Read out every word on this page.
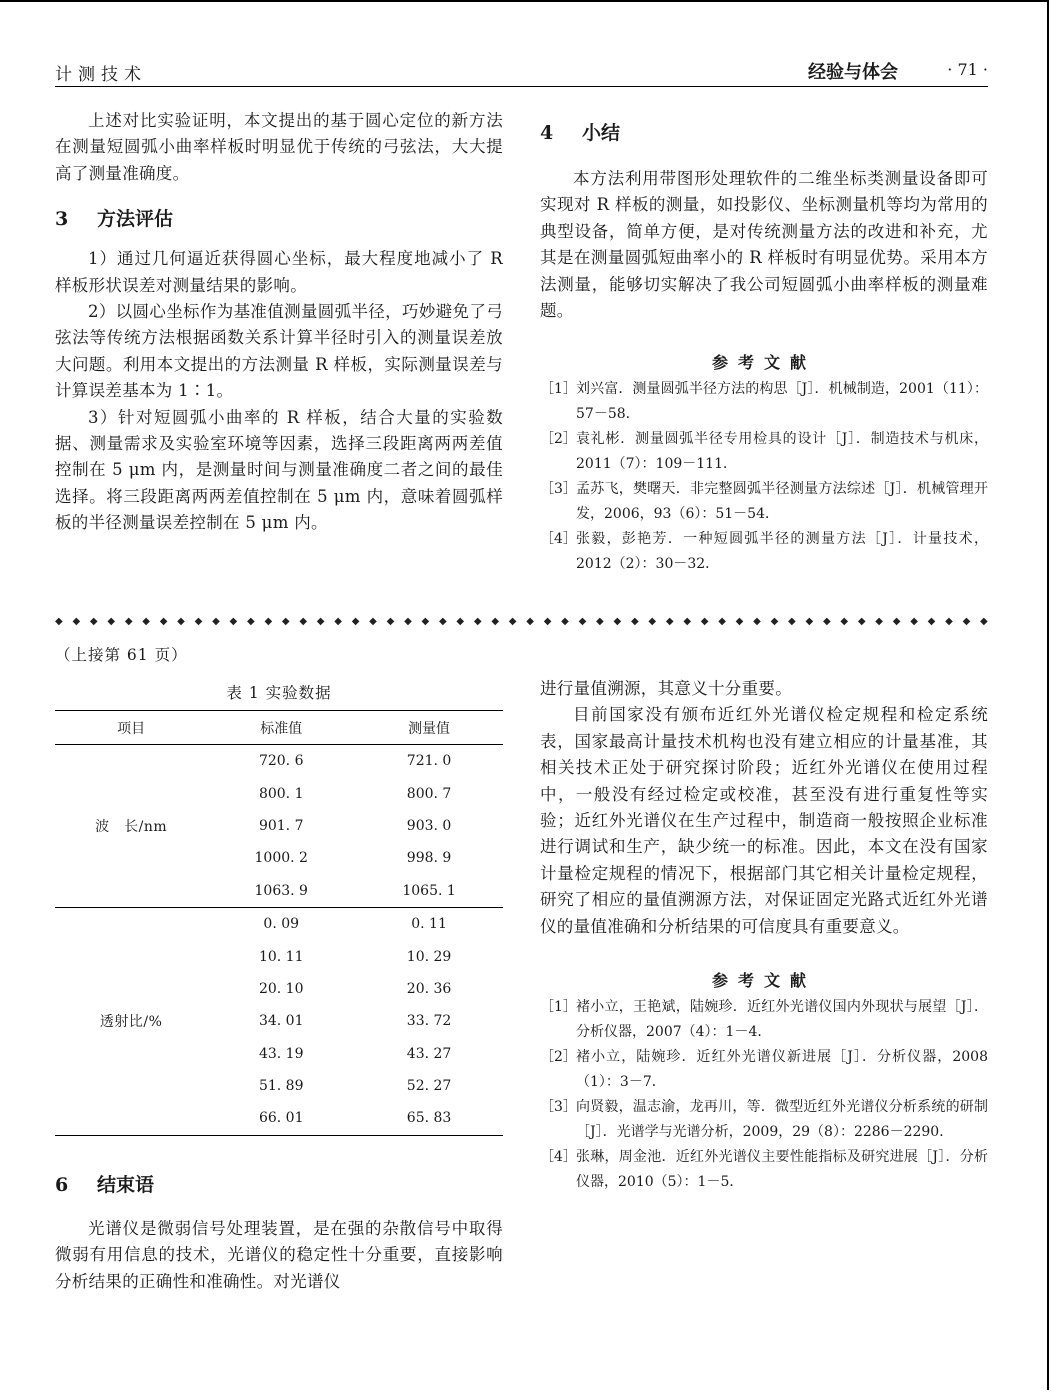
计测技术	经验与体会	· 71 ·

上述对比实验证明，本文提出的基于圆心定位的新方法在测量短圆弧小曲率样板时明显优于传统的弓弦法，大大提高了测量准确度。

3 方法评估

1）通过几何逼近获得圆心坐标，最大程度地减小了 R 样板形状误差对测量结果的影响。

2）以圆心坐标作为基准值测量圆弧半径，巧妙避免了弓弦法等传统方法根据函数关系计算半径时引入的测量误差放大问题。利用本文提出的方法测量 R 样板，实际测量误差与计算误差基本为 1∶1。

3）针对短圆弧小曲率的 R 样板，结合大量的实验数据、测量需求及实验室环境等因素，选择三段距离两两差值控制在 5 μm 内，是测量时间与测量准确度二者之间的最佳选择。将三段距离两两差值控制在 5 μm 内，意味着圆弧样板的半径测量误差控制在 5 μm 内。

4 小结

本方法利用带图形处理软件的二维坐标类测量设备即可实现对 R 样板的测量，如投影仪、坐标测量机等均为常用的典型设备，简单方便，是对传统测量方法的改进和补充，尤其是在测量圆弧短曲率小的 R 样板时有明显优势。采用本方法测量，能够切实解决了我公司短圆弧小曲率样板的测量难题。

参考文献

［1］ 刘兴富．测量圆弧半径方法的构思［J］．机械制造，2001（11）：57－58．

［2］ 袁礼彬．测量圆弧半径专用检具的设计［J］．制造技术与机床，2011（7）：109－111．

［3］ 孟苏飞，樊曙天．非完整圆弧半径测量方法综述［J］．机械管理开发，2006，93（6）：51－54．

［4］ 张毅，彭艳芳．一种短圆弧半径的测量方法［J］．计量技术，2012（2）：30－32．

◆ ◆ ◆ ◆ ◆ ◆ ◆ ◆ ◆ ◆ ◆ ◆ ◆ ◆ ◆ ◆ ◆ ◆ ◆ ◆ ◆ ◆ ◆ ◆ ◆ ◆ ◆ ◆ ◆ ◆ ◆ ◆ ◆ ◆ ◆ ◆ ◆ ◆ ◆ ◆ ◆ ◆ ◆ ◆ ◆ ◆ ◆ ◆ ◆ ◆ ◆ ◆ ◆ ◆
（上接第 61 页）
表 1 实验数据
项目	标准值	测量值
波　长/nm	720. 6	721. 0
	800. 1	800. 7
	901. 7	903. 0
	1000. 2	998. 9
	1063. 9	1065. 1
透射比/%	0. 09	0. 11
	10. 11	10. 29
	20. 10	20. 36
	34. 01	33. 72
	43. 19	43. 27
	51. 89	52. 27
	66. 01	65. 83
6 结束语

光谱仪是微弱信号处理装置，是在强的杂散信号中取得微弱有用信息的技术，光谱仪的稳定性十分重要，直接影响分析结果的正确性和准确性。对光谱仪

进行量值溯源，其意义十分重要。

目前国家没有颁布近红外光谱仪检定规程和检定系统表，国家最高计量技术机构也没有建立相应的计量基准，其相关技术正处于研究探讨阶段；近红外光谱仪在使用过程中，一般没有经过检定或校准，甚至没有进行重复性等实验；近红外光谱仪在生产过程中，制造商一般按照企业标准进行调试和生产，缺少统一的标准。因此，本文在没有国家计量检定规程的情况下，根据部门其它相关计量检定规程，研究了相应的量值溯源方法，对保证固定光路式近红外光谱仪的量值准确和分析结果的可信度具有重要意义。

参考文献

［1］ 褚小立，王艳斌，陆婉珍．近红外光谱仪国内外现状与展望［J］．分析仪器，2007（4）：1－4．

［2］ 褚小立，陆婉珍．近红外光谱仪新进展［J］．分析仪器，2008（1）：3－7．

［3］ 向贤毅，温志渝，龙再川，等．微型近红外光谱仪分析系统的研制［J］．光谱学与光谱分析，2009，29（8）：2286－2290．

［4］ 张琳，周金池．近红外光谱仪主要性能指标及研究进展［J］．分析仪器，2010（5）：1－5．
